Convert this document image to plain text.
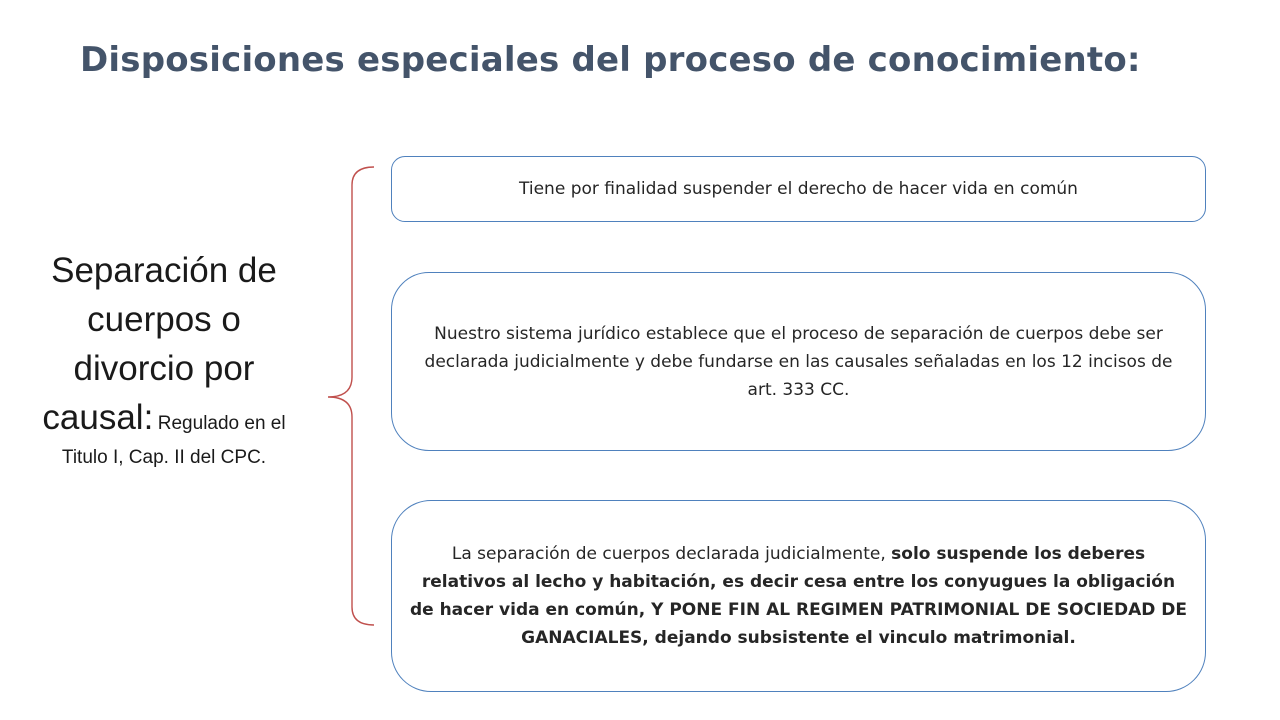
Disposiciones especiales del proceso de conocimiento:
Separación de cuerpos o divorcio por causal: Regulado en el Titulo I, Cap. II del CPC.
Tiene por finalidad suspender el derecho de hacer vida en común
Nuestro sistema jurídico establece que el proceso de separación de cuerpos debe ser declarada judicialmente y debe fundarse en las causales señaladas en los 12 incisos de art. 333 CC.

La separación de cuerpos declarada judicialmente, solo suspende los deberes relativos al lecho y habitación, es decir cesa entre los conyugues la obligación de hacer vida en común, Y PONE FIN AL REGIMEN PATRIMONIAL DE SOCIEDAD DE GANACIALES, dejando subsistente el vinculo matrimonial.
